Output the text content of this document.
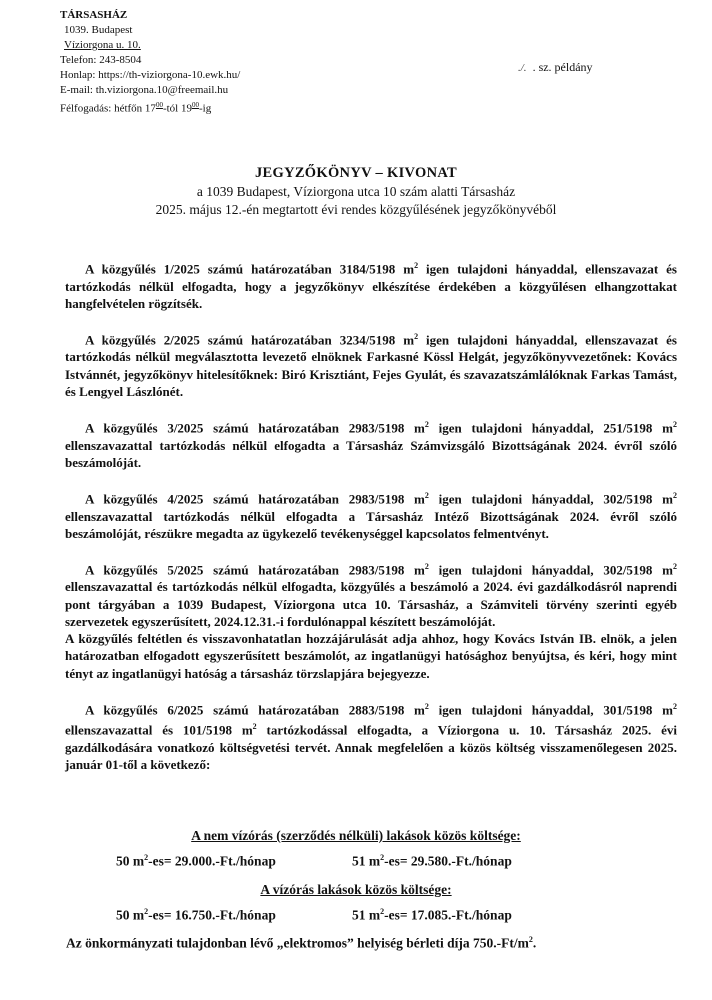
TÁRSASHÁZ
1039. Budapest
Víziorgona u. 10.
Telefon: 243-8504
Honlap: https://th-viziorgona-10.ewk.hu/
E-mail: th.viziorgona.10@freemail.hu
Félfogadás: hétfőn $17^{00}$-tól $19^{00}-ig$
./. . sz. példány
JEGYZŐKÖNYV – KIVONAT
a 1039 Budapest, Víziorgona utca 10 szám alatti Társasház
2025. május 12.-én megtartott évi rendes közgyűlésének jegyzőkönyvéből

A közgyűlés 1/2025 számú határozatában 3184/5198 $m^2$ igen tulajdoni hányaddal, ellenszavazat és tartózkodás nélkül elfogadta, hogy a jegyzőkönyv elkészítése érdekében a közgyűlésen elhangzottakat hangfelvételen rögzítsék.

A közgyűlés 2/2025 számú határozatában 3234/5198 $m^2$ igen tulajdoni hányaddal, ellenszavazat és tartózkodás nélkül megválasztotta levezető elnöknek Farkasné Kössl Helgát, jegyzőkönyvvezetőnek: Kovács Istvánnét, jegyzőkönyv hitelesítőknek: Biró Krisztiánt, Fejes Gyulát, és szavazatszámlálóknak Farkas Tamást, és Lengyel Lászlónét.

A közgyűlés 3/2025 számú határozatában 2983/5198 $m^2$ igen tulajdoni hányaddal, 251/5198 $m^2$ ellenszavazattal tartózkodás nélkül elfogadta a Társasház Számvizsgáló Bizottságának 2024. évről szóló beszámolóját.

A közgyűlés 4/2025 számú határozatában 2983/5198 $m^2$ igen tulajdoni hányaddal, 302/5198 $m^2$ ellenszavazattal tartózkodás nélkül elfogadta a Társasház Intéző Bizottságának 2024. évről szóló beszámolóját, részükre megadta az ügykezelő tevékenységgel kapcsolatos felmentvényt.

A közgyűlés 5/2025 számú határozatában 2983/5198 $m^2$ igen tulajdoni hányaddal, 302/5198 $m^2$ ellenszavazattal és tartózkodás nélkül elfogadta, közgyűlés a beszámoló a 2024. évi gazdálkodásról naprendi pont tárgyában a 1039 Budapest, Víziorgona utca 10. Társasház, a Számviteli törvény szerinti egyéb szervezetek egyszerűsített, 2024.12.31.-i fordulónappal készített beszámolóját.

A közgyűlés feltétlen és visszavonhatatlan hozzájárulását adja ahhoz, hogy Kovács István IB. elnök, a jelen határozatban elfogadott egyszerűsített beszámolót, az ingatlanügyi hatósághoz benyújtsa, és kéri, hogy mint tényt az ingatlanügyi hatóság a társasház törzslapjára bejegyezze.

A közgyűlés 6/2025 számú határozatában 2883/5198 $m^2$ igen tulajdoni hányaddal, 301/5198 $m^2$ ellenszavazattal és 101/5198 $m^2$ tartózkodással elfogadta, a Víziorgona u. 10. Társasház 2025. évi gazdálkodására vonatkozó költségvetési tervét. Annak megfelelően a közös költség visszamenőlegesen 2025. január 01-től a következő:

A nem vízórás (szerződés nélküli) lakások közös költsége:
50 $m^2-es=$ 29.000.-Ft./hónap	51 $m^2-es=$ 29.580.-Ft./hónap
A vízórás lakások közös költsége:
50 $m^2-es=$ 16.750.-Ft./hónap	51 $m^2-es=$ 17.085.-Ft./hónap
Az önkormányzati tulajdonban lévő „elektromos” helyiség bérleti díja $750.-Ft/m^2$.
